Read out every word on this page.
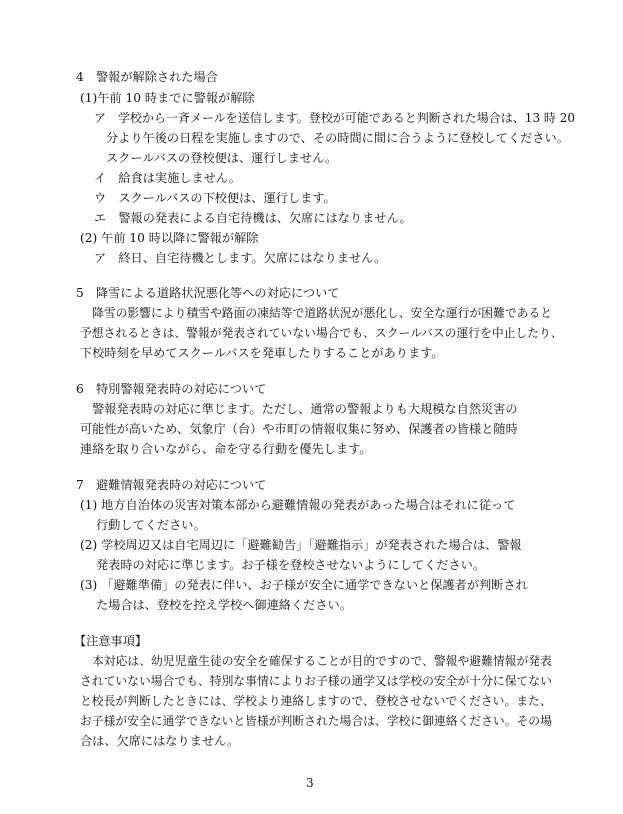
4　警報が解除された場合
(1)午前 10 時までに警報が解除
ア　学校から一斉メールを送信します。登校が可能であると判断された場合は、13 時 20
分より午後の日程を実施しますので、その時間に間に合うように登校してください。
スクールバスの登校便は、運行しません。
イ　給食は実施しません。
ウ　スクールバスの下校便は、運行します。
エ　警報の発表による自宅待機は、欠席にはなりません。
(2) 午前 10 時以降に警報が解除
ア　終日、自宅待機とします。欠席にはなりません。
5　降雪による道路状況悪化等への対応について
降雪の影響により積雪や路面の凍結等で道路状況が悪化し、安全な運行が困難であると
予想されるときは、警報が発表されていない場合でも、スクールバスの運行を中止したり、
下校時刻を早めてスクールバスを発車したりすることがあります。
6　特別警報発表時の対応について
警報発表時の対応に準じます。ただし、通常の警報よりも大規模な自然災害の
可能性が高いため、気象庁（台）や市町の情報収集に努め、保護者の皆様と随時
連絡を取り合いながら、命を守る行動を優先します。
7　避難情報発表時の対応について
(1) 地方自治体の災害対策本部から避難情報の発表があった場合はそれに従って
行動してください。
(2) 学校周辺又は自宅周辺に「避難勧告」「避難指示」が発表された場合は、警報
発表時の対応に準じます。お子様を登校させないようにしてください。
(3) 「避難準備」の発表に伴い、お子様が安全に通学できないと保護者が判断され
た場合は、登校を控え学校へ御連絡ください。
【注意事項】
本対応は、幼児児童生徒の安全を確保することが目的ですので、警報や避難情報が発表
されていない場合でも、特別な事情によりお子様の通学又は学校の安全が十分に保てない
と校長が判断したときには、学校より連絡しますので、登校させないでください。また、
お子様が安全に通学できないと皆様が判断された場合は、学校に御連絡ください。その場
合は、欠席にはなりません。
3
